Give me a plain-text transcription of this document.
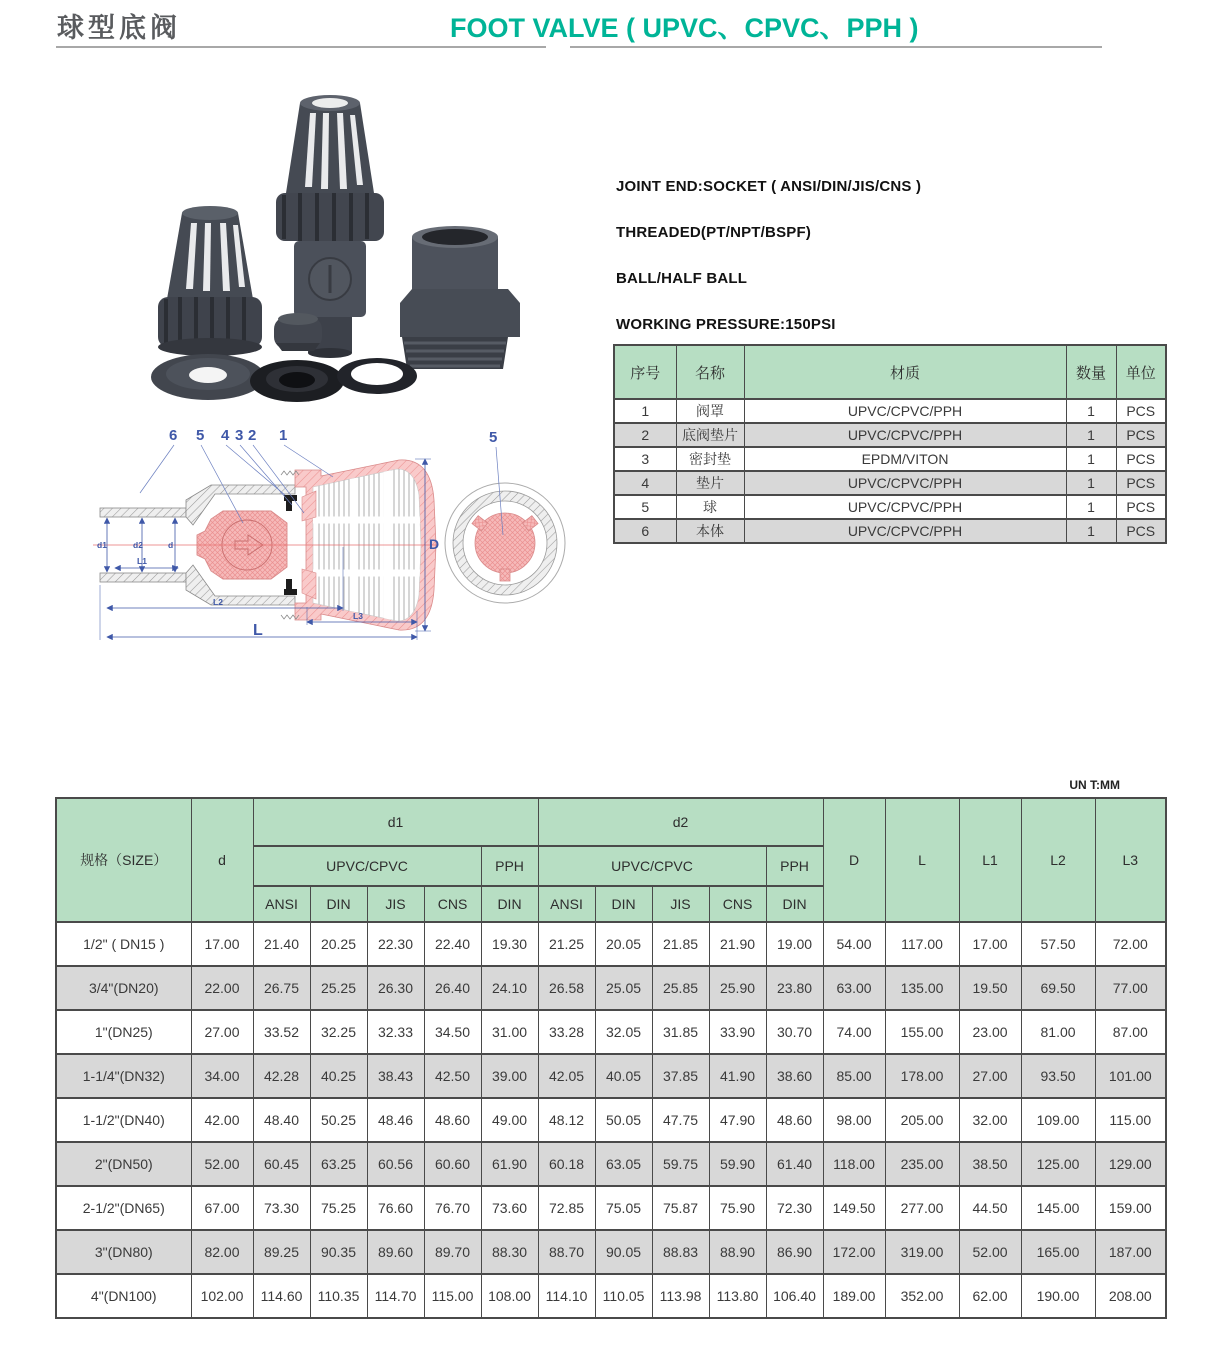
球型底阀	FOOT VALVE ( UPVC、CPVC、PPH )
d1	d2	d
L1
L2
L3
L
D
6 5 4 3 2 1	5
JOINT END:SOCKET ( ANSI/DIN/JIS/CNS )
THREADED(PT/NPT/BSPF)
BALL/HALF BALL
WORKING PRESSURE:150PSI
序号	名称	材质	数量	单位
1	阀罩	UPVC/CPVC/PPH	1	PCS
2	底阀垫片	UPVC/CPVC/PPH	1	PCS
3	密封垫	EPDM/VITON	1	PCS
4	垫片	UPVC/CPVC/PPH	1	PCS
5	球	UPVC/CPVC/PPH	1	PCS
6	本体	UPVC/CPVC/PPH	1	PCS
UN T:MM
规格（SIZE）	d	d1					d2					D	L	L1	L2	L3
		UPVC/CPVC				PPH	UPVC/CPVC				PPH					
		ANSI	DIN	JIS	CNS	DIN	ANSI	DIN	JIS	CNS	DIN					
1/2" ( DN15 )	17.00	21.40	20.25	22.30	22.40	19.30	21.25	20.05	21.85	21.90	19.00	54.00	117.00	17.00	57.50	72.00
3/4"(DN20)	22.00	26.75	25.25	26.30	26.40	24.10	26.58	25.05	25.85	25.90	23.80	63.00	135.00	19.50	69.50	77.00
1"(DN25)	27.00	33.52	32.25	32.33	34.50	31.00	33.28	32.05	31.85	33.90	30.70	74.00	155.00	23.00	81.00	87.00
1-1/4"(DN32)	34.00	42.28	40.25	38.43	42.50	39.00	42.05	40.05	37.85	41.90	38.60	85.00	178.00	27.00	93.50	101.00
1-1/2"(DN40)	42.00	48.40	50.25	48.46	48.60	49.00	48.12	50.05	47.75	47.90	48.60	98.00	205.00	32.00	109.00	115.00
2"(DN50)	52.00	60.45	63.25	60.56	60.60	61.90	60.18	63.05	59.75	59.90	61.40	118.00	235.00	38.50	125.00	129.00
2-1/2"(DN65)	67.00	73.30	75.25	76.60	76.70	73.60	72.85	75.05	75.87	75.90	72.30	149.50	277.00	44.50	145.00	159.00
3"(DN80)	82.00	89.25	90.35	89.60	89.70	88.30	88.70	90.05	88.83	88.90	86.90	172.00	319.00	52.00	165.00	187.00
4"(DN100)	102.00	114.60	110.35	114.70	115.00	108.00	114.10	110.05	113.98	113.80	106.40	189.00	352.00	62.00	190.00	208.00
